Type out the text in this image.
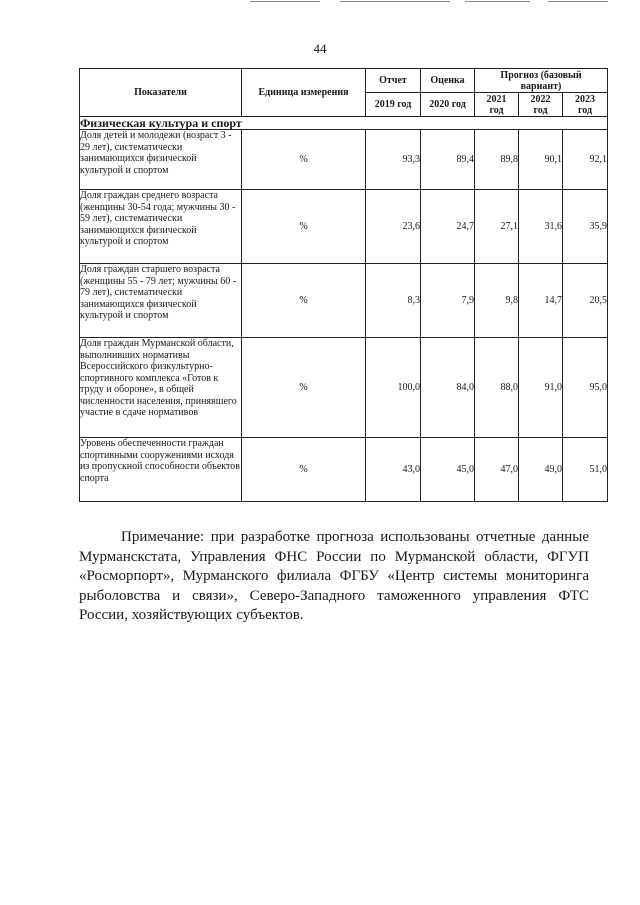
44
Показатели	Единица измерения	Отчет	Оценка	Прогноз (базовый вариант)		
		2019 год	2020 год	2021 год	2022 год	2023 год

Физическая культура и спорт						
Доля детей и молодежи (возраст 3 - 29 лет), систематически занимающихся физической культурой и спортом	%	93,3	89,4	89,8	90,1	92,1
Доля граждан среднего возраста (женщины 30-54 года; мужчины 30 - 59 лет), систематически занимающихся физической культурой и спортом	%	23,6	24,7	27,1	31,6	35,9
Доля граждан старшего возраста (женщины 55 - 79 лет; мужчины 60 - 79 лет), систематически занимающихся физической культурой и спортом	%	8,3	7,9	9,8	14,7	20,5
Доля граждан Мурманской области, выполнивших нормативы Всероссийского физкультурно-спортивного комплекса «Готов к труду и обороне», в общей численности населения, принявшего участие в сдаче нормативов	%	100,0	84,0	88,0	91,0	95,0
Уровень обеспеченности граждан спортивными сооружениями исходя из пропускной способности объектов спорта	%	43,0	45,0	47,0	49,0	51,0
Примечание: при разработке прогноза использованы отчетные данные Мурманскстата, Управления ФНС России по Мурманской области, ФГУП «Росморпорт», Мурманского филиала ФГБУ «Центр системы мониторинга рыболовства и связи», Северо-Западного таможенного управления ФТС России, хозяйствующих субъектов.
